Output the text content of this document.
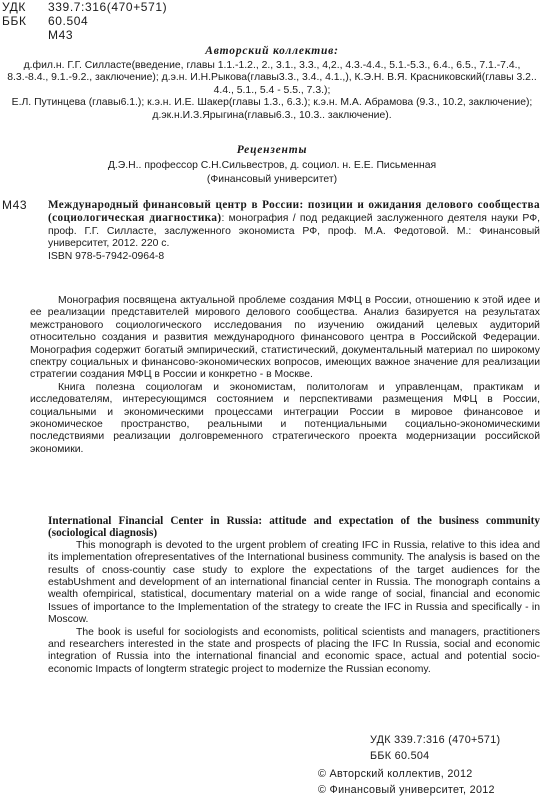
УДК 339.7:316(470+571)
ББК 60.504
М43
Авторский коллектив:

д.фил.н. Г.Г. Силласте(введение, главы 1.1.-1.2., 2., 3.1., 3.3., 4,2., 4.3.-4.4., 5.1.-5.3., 6.4., 6.5., 7.1.-7.4., 8.3.-8.4., 9.1.-9.2., заключение); д.э.н. И.Н.Рыкова(главы3.3., 3.4., 4.1.,), К.Э.Н. В.Я. Красниковский(главы 3.2.. 4.4., 5.1., 5.4 - 5.5., 7.3.);

Е.Л. Путинцева (главы6.1.); к.э.н. И.Е. Шакер(главы 1.3., 6.3.); к.э.н. М.А. Абрамова (9.3., 10.2, заключение); д.эк.н.И.З.Ярыгина(главы6.3., 10.3.. заключение).

Рецензенты
Д.Э.Н.. профессор С.Н.Сильвестров, д. социол. н. Е.Е. Письменная
(Финансовый университет)
М43 Международный финансовый центр в России: позиции и ожидания делового сообщества (социологическая диагностика): монография / под редакцией заслуженного деятеля науки РФ, проф. Г.Г. Силласте, заслуженного экономиста РФ, проф. М.А. Федотовой. М.: Финансовый университет, 2012. 220 с.

ISBN 978-5-7942-0964-8

Монография посвящена актуальной проблеме создания МФЦ в России, отношению к этой идее и ее реализации представителей мирового делового сообщества. Анализ базируется на результатах межстранового социологического исследования по изучению ожиданий целевых аудиторий относительно создания и развития международного финансового центра в Российской Федерации. Монография содержит богатый эмпирический, статистический, документальный материал по широкому спектру социальных и финансово-экономических вопросов, имеющих важное значение для реализации стратегии создания МФЦ в России и конкретно - в Москве.

Книга полезна социологам и экономистам, политологам и управленцам, практикам и исследователям, интересующимся состоянием и перспективами размещения МФЦ в России, социальными и экономическими процессами интеграции России в мировое финансовое и экономическое пространство, реальными и потенциальными социально-экономическими последствиями реализации долговременного стратегического проекта модернизации российской экономики.

International Financial Center in Russia: attitude and expectation of the business community (sociological diagnosis)

This monograph is devoted to the urgent problem of creating IFC in Russia, relative to this idea and its implementation ofrepresentatives of the International business community. The analysis is based on the results of cnoss-countiy case study to explore the expectations of the target audiences for the estabUshment and development of an international financial center in Russia. The monograph contains a wealth ofempirical, statistical, documentary material on a wide range of social, financial and economic Issues of importance to the Implementation of the strategy to create the IFC in Russia and specifically - in Moscow.

The book is useful for sociologists and economists, political scientists and managers, practitioners and researchers interested in the state and prospects of placing the IFC In Russia, social and economic integration of Russia into the international financial and economic space, actual and potential socio-economic Impacts of longterm strategic project to modernize the Russian economy.

УДК 339.7:316 (470+571)
ББК 60.504
© Авторский коллектив, 2012
© Финансовый университет, 2012
